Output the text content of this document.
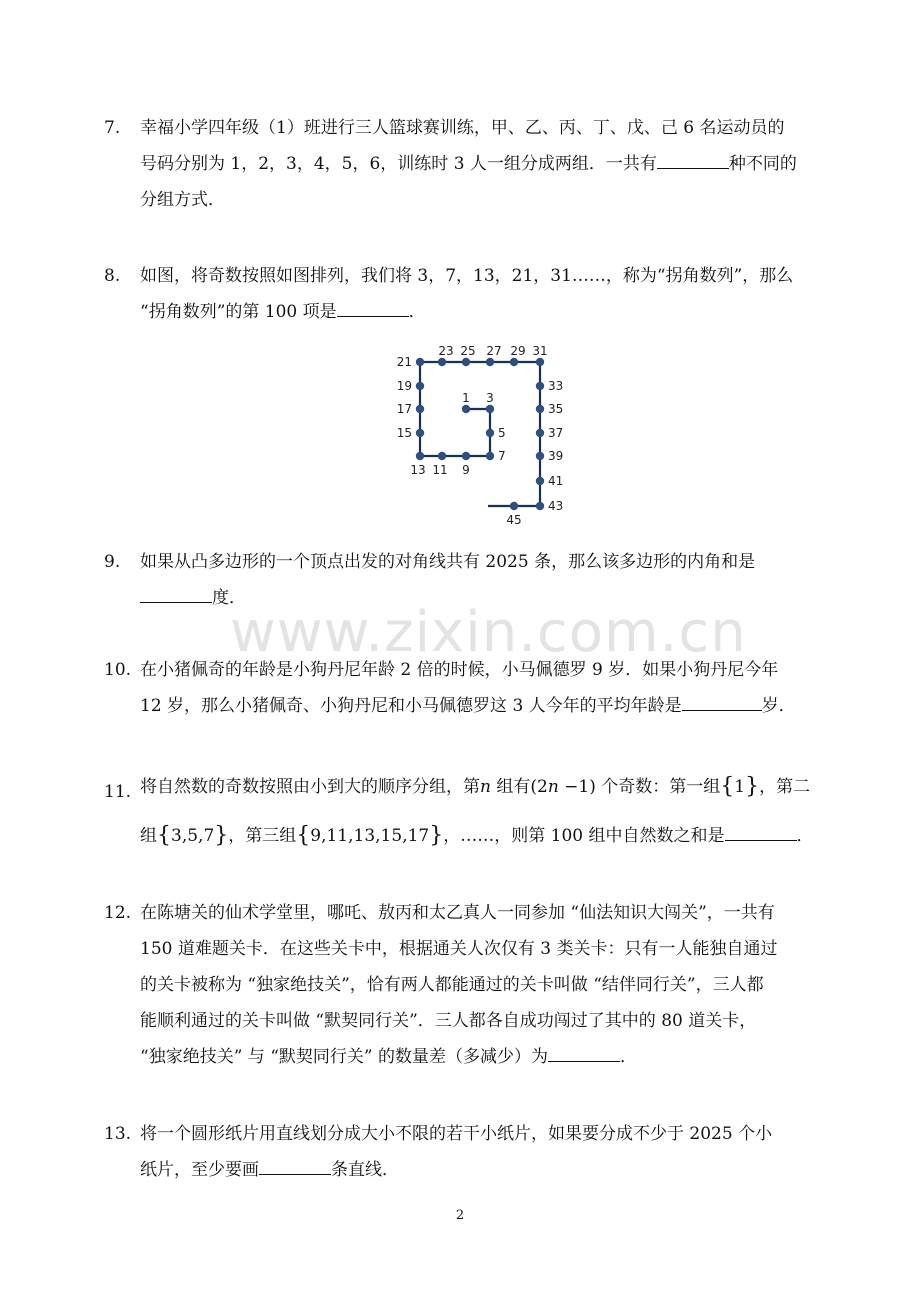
7. 幸福小学四年级（1）班进行三人篮球赛训练，甲、乙、丙、丁、戊、己 6 名运动员的
号码分别为 1，2，3，4，5，6，训练时 3 人一组分成两组．一共有	种不同的
分组方式．
8. 如图，将奇数按照如图排列，我们将 3，7，13，21，31……，称为“拐角数列”，那么
“拐角数列”的第 100 项是	．
1 3
5
7
9
11
13
15
17
19
21
23 25 27 29 31
33
35
37
39
41
43
45
9. 如果从凸多边形的一个顶点出发的对角线共有 2025 条，那么该多边形的内角和是
度．
www.zixin.com.cn
10. 在小猪佩奇的年龄是小狗丹尼年龄 2 倍的时候，小马佩德罗 9 岁．如果小狗丹尼今年
12 岁，那么小猪佩奇、小狗丹尼和小马佩德罗这 3 人今年的平均年龄是	岁．
11. 将自然数的奇数按照由小到大的顺序分组，第n 组有(2n −1) 个奇数：第一组{1}，第二
组{3,5,7}，第三组{9,11,13,15,17}，……，则第 100 组中自然数之和是	．
12. 在陈塘关的仙术学堂里，哪吒、敖丙和太乙真人一同参加 “仙法知识大闯关”，一共有
150 道难题关卡．在这些关卡中，根据通关人次仅有 3 类关卡：只有一人能独自通过
的关卡被称为 “独家绝技关”，恰有两人都能通过的关卡叫做 “结伴同行关”，三人都
能顺利通过的关卡叫做 “默契同行关”．三人都各自成功闯过了其中的 80 道关卡，
“独家绝技关” 与 “默契同行关” 的数量差（多减少）为	．
13. 将一个圆形纸片用直线划分成大小不限的若干小纸片，如果要分成不少于 2025 个小
纸片，至少要画	条直线．
2
